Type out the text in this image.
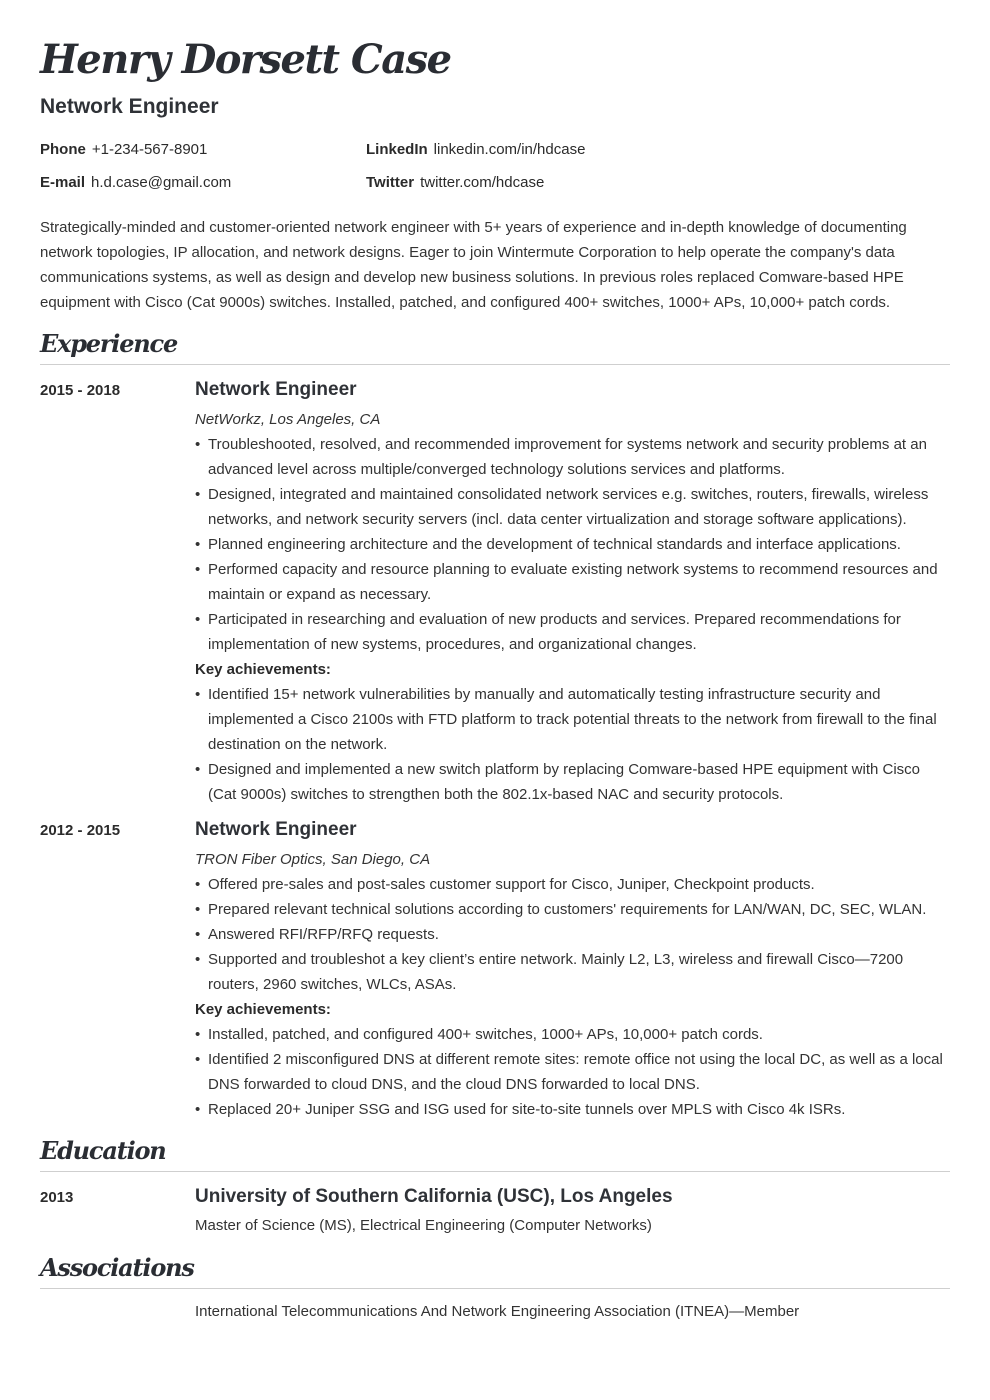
Henry Dorsett Case
Network Engineer
Phone +1-234-567-8901	LinkedIn linkedin.com/in/hdcase
E-mail h.d.case@gmail.com	Twitter twitter.com/hdcase
Strategically-minded and customer-oriented network engineer with 5+ years of experience and in-depth knowledge of documenting network topologies, IP allocation, and network designs. Eager to join Wintermute Corporation to help operate the company's data communications systems, as well as design and develop new business solutions. In previous roles replaced Comware-based HPE equipment with Cisco (Cat 9000s) switches. Installed, patched, and configured 400+ switches, 1000+ APs, 10,000+ patch cords.
Experience
2015 - 2018	Network Engineer
NetWorkz, Los Angeles, CA
• Troubleshooted, resolved, and recommended improvement for systems network and security problems at an advanced level across multiple/converged technology solutions services and platforms.
• Designed, integrated and maintained consolidated network services e.g. switches, routers, firewalls, wireless networks, and network security servers (incl. data center virtualization and storage software applications).
• Planned engineering architecture and the development of technical standards and interface applications.
• Performed capacity and resource planning to evaluate existing network systems to recommend resources and maintain or expand as necessary.
• Participated in researching and evaluation of new products and services. Prepared recommendations for implementation of new systems, procedures, and organizational changes.
Key achievements:
• Identified 15+ network vulnerabilities by manually and automatically testing infrastructure security and implemented a Cisco 2100s with FTD platform to track potential threats to the network from firewall to the final destination on the network.
• Designed and implemented a new switch platform by replacing Comware-based HPE equipment with Cisco (Cat 9000s) switches to strengthen both the 802.1x-based NAC and security protocols.
2012 - 2015	Network Engineer
TRON Fiber Optics, San Diego, CA
• Offered pre-sales and post-sales customer support for Cisco, Juniper, Checkpoint products.
• Prepared relevant technical solutions according to customers' requirements for LAN/WAN, DC, SEC, WLAN.
• Answered RFI/RFP/RFQ requests.
• Supported and troubleshot a key client’s entire network. Mainly L2, L3, wireless and firewall Cisco—7200 routers, 2960 switches, WLCs, ASAs.
Key achievements:
• Installed, patched, and configured 400+ switches, 1000+ APs, 10,000+ patch cords.
• Identified 2 misconfigured DNS at different remote sites: remote office not using the local DC, as well as a local DNS forwarded to cloud DNS, and the cloud DNS forwarded to local DNS.
• Replaced 20+ Juniper SSG and ISG used for site-to-site tunnels over MPLS with Cisco 4k ISRs.
Education
2013	University of Southern California (USC), Los Angeles
Master of Science (MS), Electrical Engineering (Computer Networks)
Associations
International Telecommunications And Network Engineering Association (ITNEA)—Member
